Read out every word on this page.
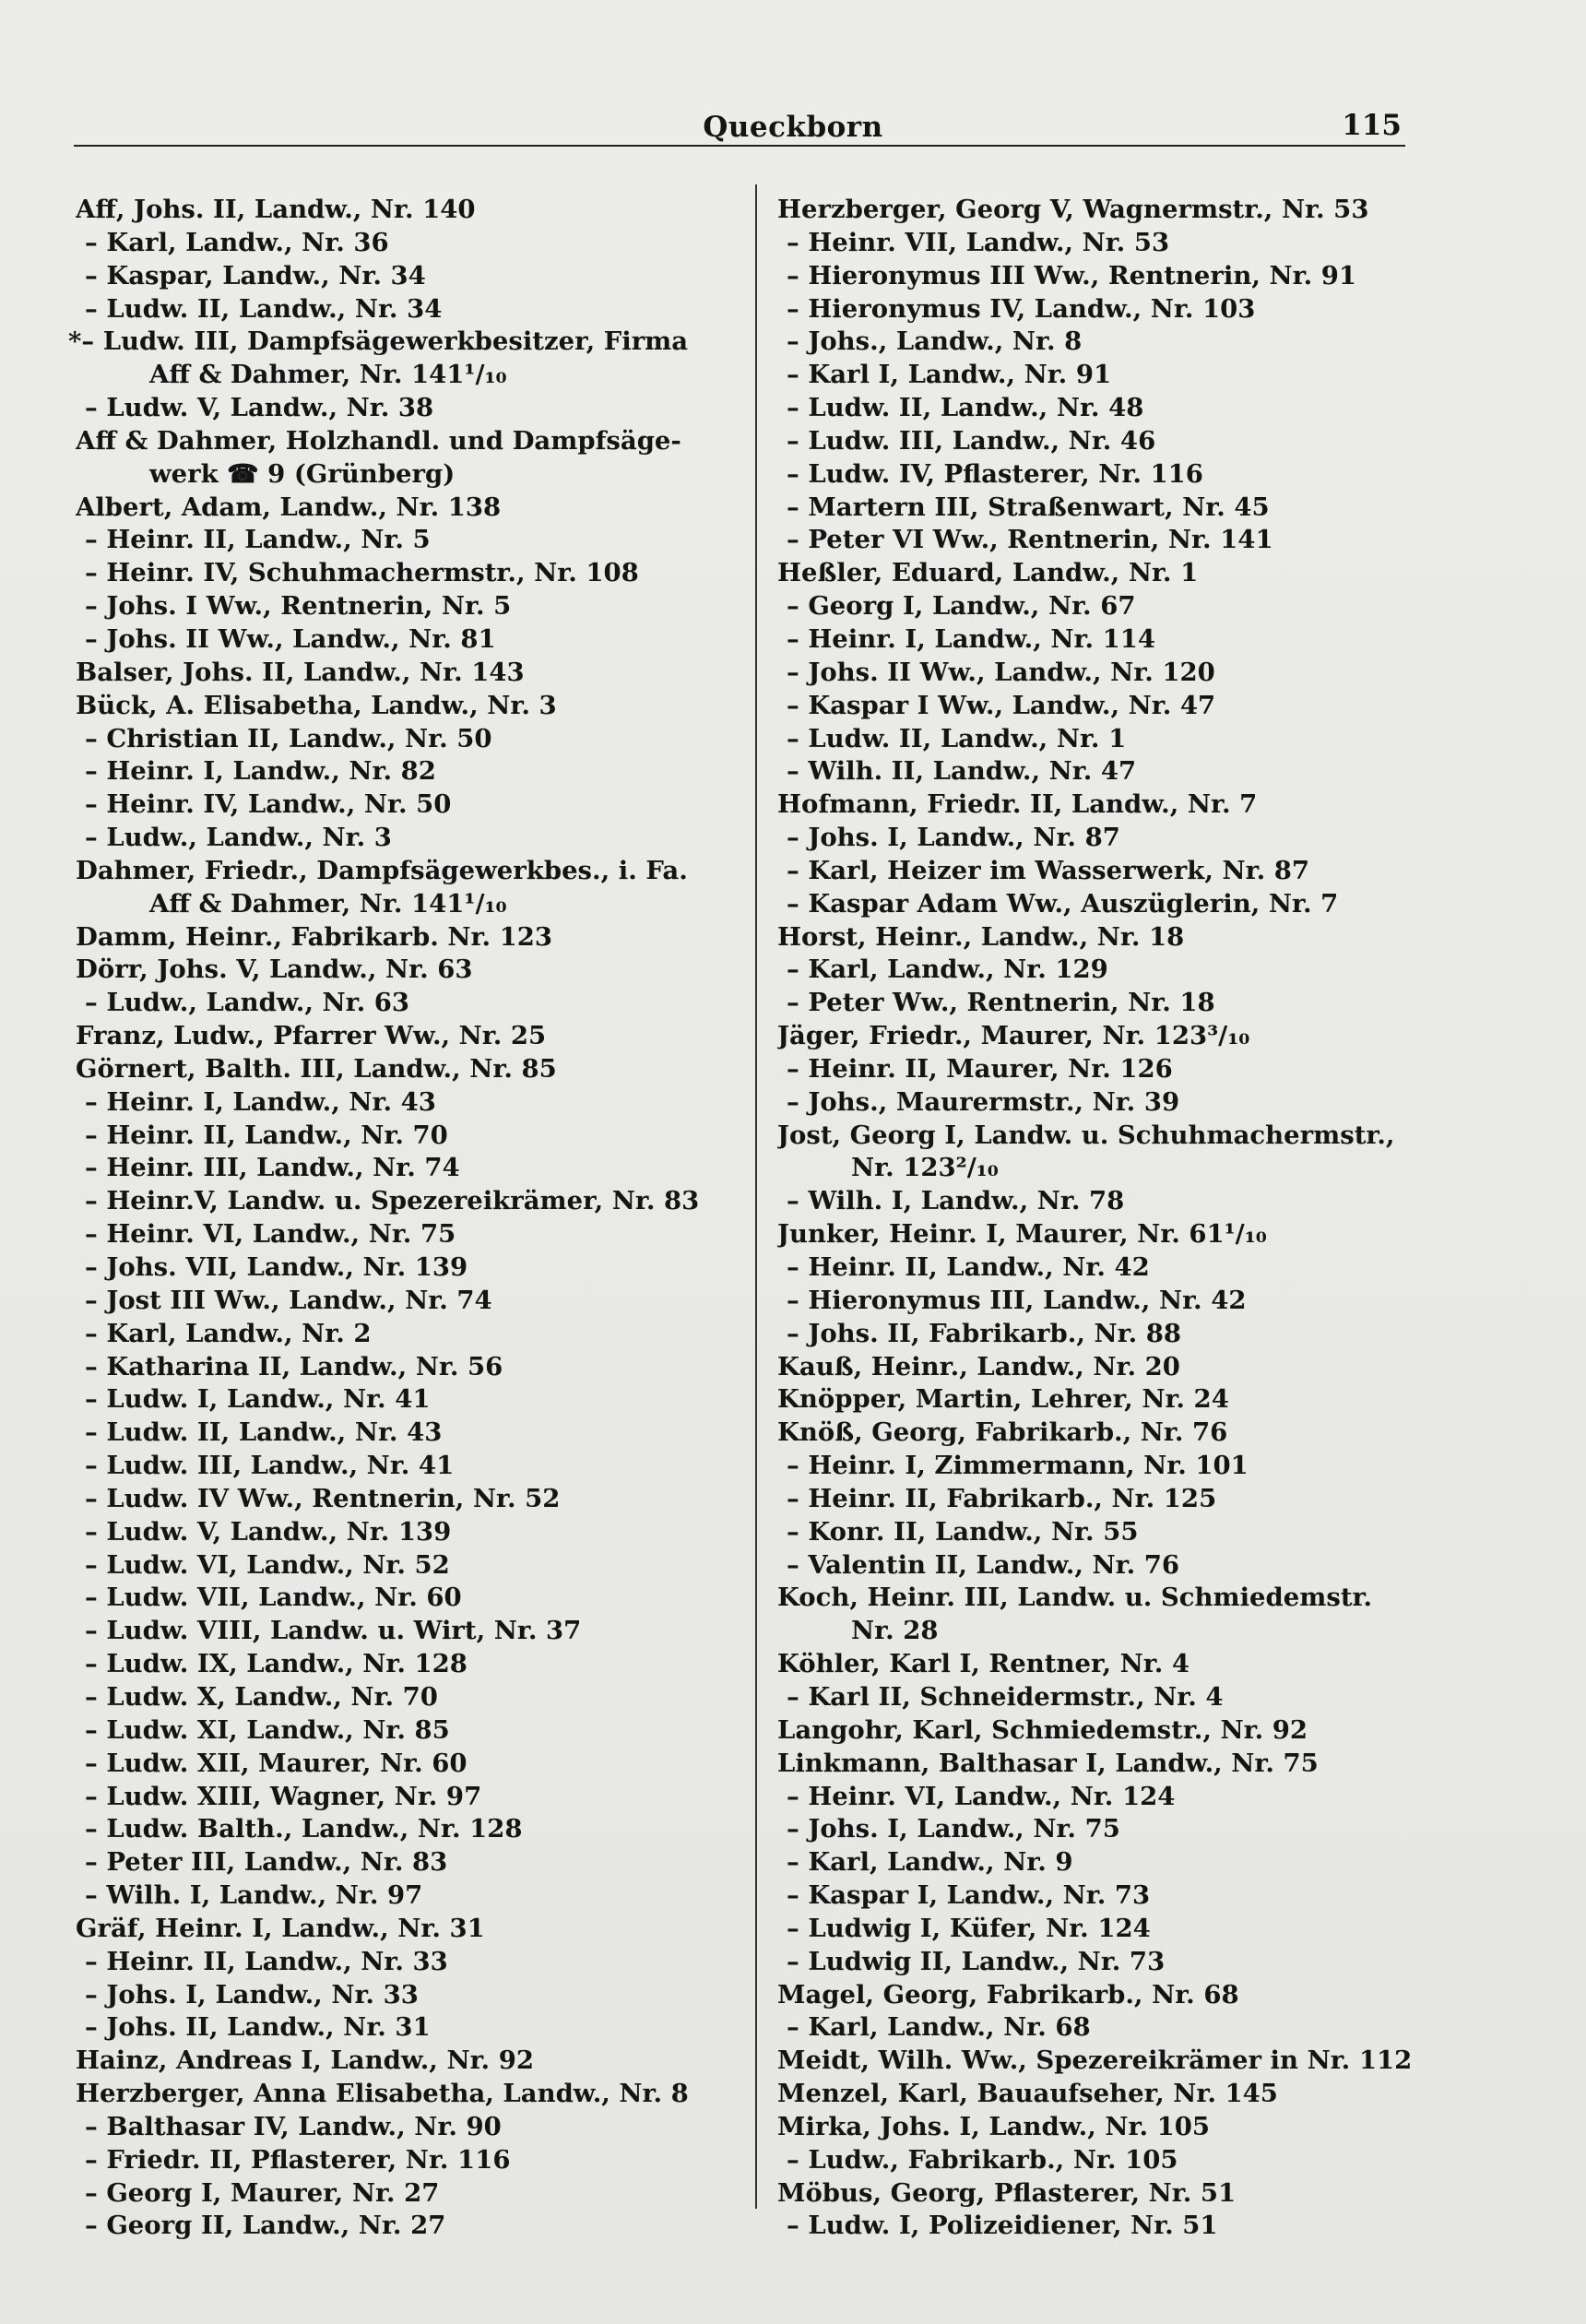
Queckborn	115
Aff, Johs. II, Landw., Nr. 140
– Karl, Landw., Nr. 36
– Kaspar, Landw., Nr. 34
– Ludw. II, Landw., Nr. 34
*– Ludw. III, Dampfsägewerkbesitzer, Firma
Aff & Dahmer, Nr. 141¹/₁₀
– Ludw. V, Landw., Nr. 38
Aff & Dahmer, Holzhandl. und Dampfsäge-
werk ☎ 9 (Grünberg)
Albert, Adam, Landw., Nr. 138
– Heinr. II, Landw., Nr. 5
– Heinr. IV, Schuhmachermstr., Nr. 108
– Johs. I Ww., Rentnerin, Nr. 5
– Johs. II Ww., Landw., Nr. 81
Balser, Johs. II, Landw., Nr. 143
Bück, A. Elisabetha, Landw., Nr. 3
– Christian II, Landw., Nr. 50
– Heinr. I, Landw., Nr. 82
– Heinr. IV, Landw., Nr. 50
– Ludw., Landw., Nr. 3
Dahmer, Friedr., Dampfsägewerkbes., i. Fa.
Aff & Dahmer, Nr. 141¹/₁₀
Damm, Heinr., Fabrikarb. Nr. 123
Dörr, Johs. V, Landw., Nr. 63
– Ludw., Landw., Nr. 63
Franz, Ludw., Pfarrer Ww., Nr. 25
Görnert, Balth. III, Landw., Nr. 85
– Heinr. I, Landw., Nr. 43
– Heinr. II, Landw., Nr. 70
– Heinr. III, Landw., Nr. 74
– Heinr.V, Landw. u. Spezereikrämer, Nr. 83
– Heinr. VI, Landw., Nr. 75
– Johs. VII, Landw., Nr. 139
– Jost III Ww., Landw., Nr. 74
– Karl, Landw., Nr. 2
– Katharina II, Landw., Nr. 56
– Ludw. I, Landw., Nr. 41
– Ludw. II, Landw., Nr. 43
– Ludw. III, Landw., Nr. 41
– Ludw. IV Ww., Rentnerin, Nr. 52
– Ludw. V, Landw., Nr. 139
– Ludw. VI, Landw., Nr. 52
– Ludw. VII, Landw., Nr. 60
– Ludw. VIII, Landw. u. Wirt, Nr. 37
– Ludw. IX, Landw., Nr. 128
– Ludw. X, Landw., Nr. 70
– Ludw. XI, Landw., Nr. 85
– Ludw. XII, Maurer, Nr. 60
– Ludw. XIII, Wagner, Nr. 97
– Ludw. Balth., Landw., Nr. 128
– Peter III, Landw., Nr. 83
– Wilh. I, Landw., Nr. 97
Gräf, Heinr. I, Landw., Nr. 31
– Heinr. II, Landw., Nr. 33
– Johs. I, Landw., Nr. 33
– Johs. II, Landw., Nr. 31
Hainz, Andreas I, Landw., Nr. 92
Herzberger, Anna Elisabetha, Landw., Nr. 8
– Balthasar IV, Landw., Nr. 90
– Friedr. II, Pflasterer, Nr. 116
– Georg I, Maurer, Nr. 27
– Georg II, Landw., Nr. 27
Herzberger, Georg V, Wagnermstr., Nr. 53
– Heinr. VII, Landw., Nr. 53
– Hieronymus III Ww., Rentnerin, Nr. 91
– Hieronymus IV, Landw., Nr. 103
– Johs., Landw., Nr. 8
– Karl I, Landw., Nr. 91
– Ludw. II, Landw., Nr. 48
– Ludw. III, Landw., Nr. 46
– Ludw. IV, Pflasterer, Nr. 116
– Martern III, Straßenwart, Nr. 45
– Peter VI Ww., Rentnerin, Nr. 141
Heßler, Eduard, Landw., Nr. 1
– Georg I, Landw., Nr. 67
– Heinr. I, Landw., Nr. 114
– Johs. II Ww., Landw., Nr. 120
– Kaspar I Ww., Landw., Nr. 47
– Ludw. II, Landw., Nr. 1
– Wilh. II, Landw., Nr. 47
Hofmann, Friedr. II, Landw., Nr. 7
– Johs. I, Landw., Nr. 87
– Karl, Heizer im Wasserwerk, Nr. 87
– Kaspar Adam Ww., Auszüglerin, Nr. 7
Horst, Heinr., Landw., Nr. 18
– Karl, Landw., Nr. 129
– Peter Ww., Rentnerin, Nr. 18
Jäger, Friedr., Maurer, Nr. 123³/₁₀
– Heinr. II, Maurer, Nr. 126
– Johs., Maurermstr., Nr. 39
Jost, Georg I, Landw. u. Schuhmachermstr.,
Nr. 123²/₁₀
– Wilh. I, Landw., Nr. 78
Junker, Heinr. I, Maurer, Nr. 61¹/₁₀
– Heinr. II, Landw., Nr. 42
– Hieronymus III, Landw., Nr. 42
– Johs. II, Fabrikarb., Nr. 88
Kauß, Heinr., Landw., Nr. 20
Knöpper, Martin, Lehrer, Nr. 24
Knöß, Georg, Fabrikarb., Nr. 76
– Heinr. I, Zimmermann, Nr. 101
– Heinr. II, Fabrikarb., Nr. 125
– Konr. II, Landw., Nr. 55
– Valentin II, Landw., Nr. 76
Koch, Heinr. III, Landw. u. Schmiedemstr.
Nr. 28
Köhler, Karl I, Rentner, Nr. 4
– Karl II, Schneidermstr., Nr. 4
Langohr, Karl, Schmiedemstr., Nr. 92
Linkmann, Balthasar I, Landw., Nr. 75
– Heinr. VI, Landw., Nr. 124
– Johs. I, Landw., Nr. 75
– Karl, Landw., Nr. 9
– Kaspar I, Landw., Nr. 73
– Ludwig I, Küfer, Nr. 124
– Ludwig II, Landw., Nr. 73
Magel, Georg, Fabrikarb., Nr. 68
– Karl, Landw., Nr. 68
Meidt, Wilh. Ww., Spezereikrämer in Nr. 112
Menzel, Karl, Bauaufseher, Nr. 145
Mirka, Johs. I, Landw., Nr. 105
– Ludw., Fabrikarb., Nr. 105
Möbus, Georg, Pflasterer, Nr. 51
– Ludw. I, Polizeidiener, Nr. 51
